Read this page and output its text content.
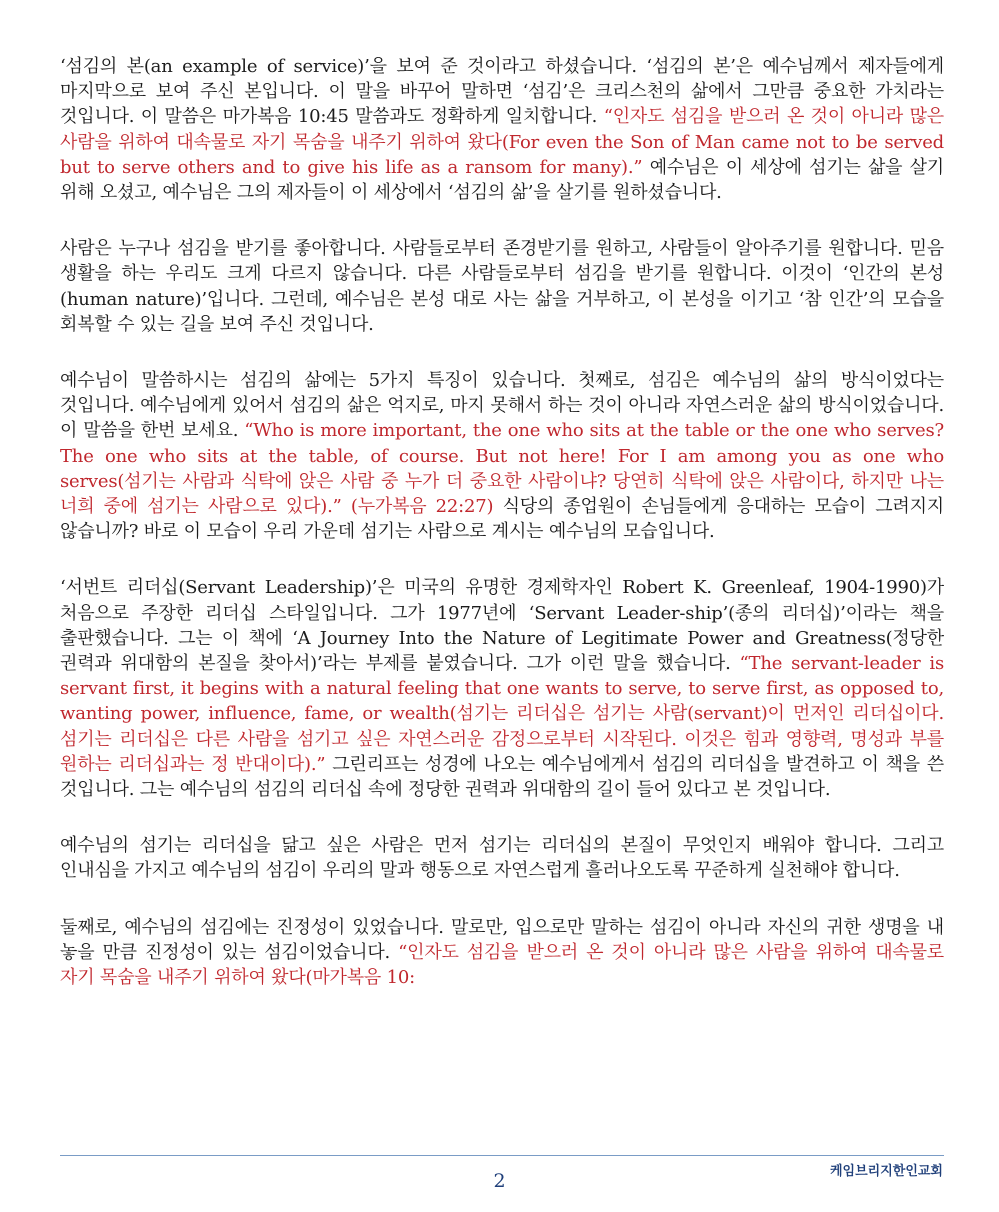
‘섬김의 본(an example of service)’을 보여 준 것이라고 하셨습니다. ‘섬김의 본’은 예수님께서 제자들에게 마지막으로 보여 주신 본입니다. 이 말을 바꾸어 말하면 ‘섬김’은 크리스천의 삶에서 그만큼 중요한 가치라는 것입니다. 이 말씀은 마가복음 10:45 말씀과도 정확하게 일치합니다. “인자도 섬김을 받으러 온 것이 아니라 많은 사람을 위하여 대속물로 자기 목숨을 내주기 위하여 왔다(For even the Son of Man came not to be served but to serve others and to give his life as a ransom for many).” 예수님은 이 세상에 섬기는 삶을 살기 위해 오셨고, 예수님은 그의 제자들이 이 세상에서 ‘섬김의 삶’을 살기를 원하셨습니다.

사람은 누구나 섬김을 받기를 좋아합니다. 사람들로부터 존경받기를 원하고, 사람들이 알아주기를 원합니다. 믿음 생활을 하는 우리도 크게 다르지 않습니다. 다른 사람들로부터 섬김을 받기를 원합니다. 이것이 ‘인간의 본성(human nature)’입니다. 그런데, 예수님은 본성 대로 사는 삶을 거부하고, 이 본성을 이기고 ‘참 인간’의 모습을 회복할 수 있는 길을 보여 주신 것입니다.

예수님이 말씀하시는 섬김의 삶에는 5가지 특징이 있습니다. 첫째로, 섬김은 예수님의 삶의 방식이었다는 것입니다. 예수님에게 있어서 섬김의 삶은 억지로, 마지 못해서 하는 것이 아니라 자연스러운 삶의 방식이었습니다. 이 말씀을 한번 보세요. “Who is more important, the one who sits at the table or the one who serves? The one who sits at the table, of course. But not here! For I am among you as one who serves(섬기는 사람과 식탁에 앉은 사람 중 누가 더 중요한 사람이냐? 당연히 식탁에 앉은 사람이다, 하지만 나는 너희 중에 섬기는 사람으로 있다).” (누가복음 22:27) 식당의 종업원이 손님들에게 응대하는 모습이 그려지지 않습니까? 바로 이 모습이 우리 가운데 섬기는 사람으로 계시는 예수님의 모습입니다.

‘서번트 리더십(Servant Leadership)’은 미국의 유명한 경제학자인 Robert K. Greenleaf, 1904-1990)가 처음으로 주장한 리더십 스타일입니다. 그가 1977년에 ‘Servant Leader-ship’(종의 리더십)’이라는 책을 출판했습니다. 그는 이 책에 ‘A Journey Into the Nature of Legitimate Power and Greatness(정당한 권력과 위대함의 본질을 찾아서)’라는 부제를 붙였습니다. 그가 이런 말을 했습니다. “The servant-leader is servant first, it begins with a natural feeling that one wants to serve, to serve first, as opposed to, wanting power, influence, fame, or wealth(섬기는 리더십은 섬기는 사람(servant)이 먼저인 리더십이다. 섬기는 리더십은 다른 사람을 섬기고 싶은 자연스러운 감정으로부터 시작된다. 이것은 힘과 영향력, 명성과 부를 원하는 리더십과는 정 반대이다).” 그린리프는 성경에 나오는 예수님에게서 섬김의 리더십을 발견하고 이 책을 쓴 것입니다. 그는 예수님의 섬김의 리더십 속에 정당한 권력과 위대함의 길이 들어 있다고 본 것입니다.

예수님의 섬기는 리더십을 닮고 싶은 사람은 먼저 섬기는 리더십의 본질이 무엇인지 배워야 합니다. 그리고 인내심을 가지고 예수님의 섬김이 우리의 말과 행동으로 자연스럽게 흘러나오도록 꾸준하게 실천해야 합니다.

둘째로, 예수님의 섬김에는 진정성이 있었습니다. 말로만, 입으로만 말하는 섬김이 아니라 자신의 귀한 생명을 내 놓을 만큼 진정성이 있는 섬김이었습니다. “인자도 섬김을 받으러 온 것이 아니라 많은 사람을 위하여 대속물로 자기 목숨을 내주기 위하여 왔다(마가복음 10:

2	케임브리지한인교회
